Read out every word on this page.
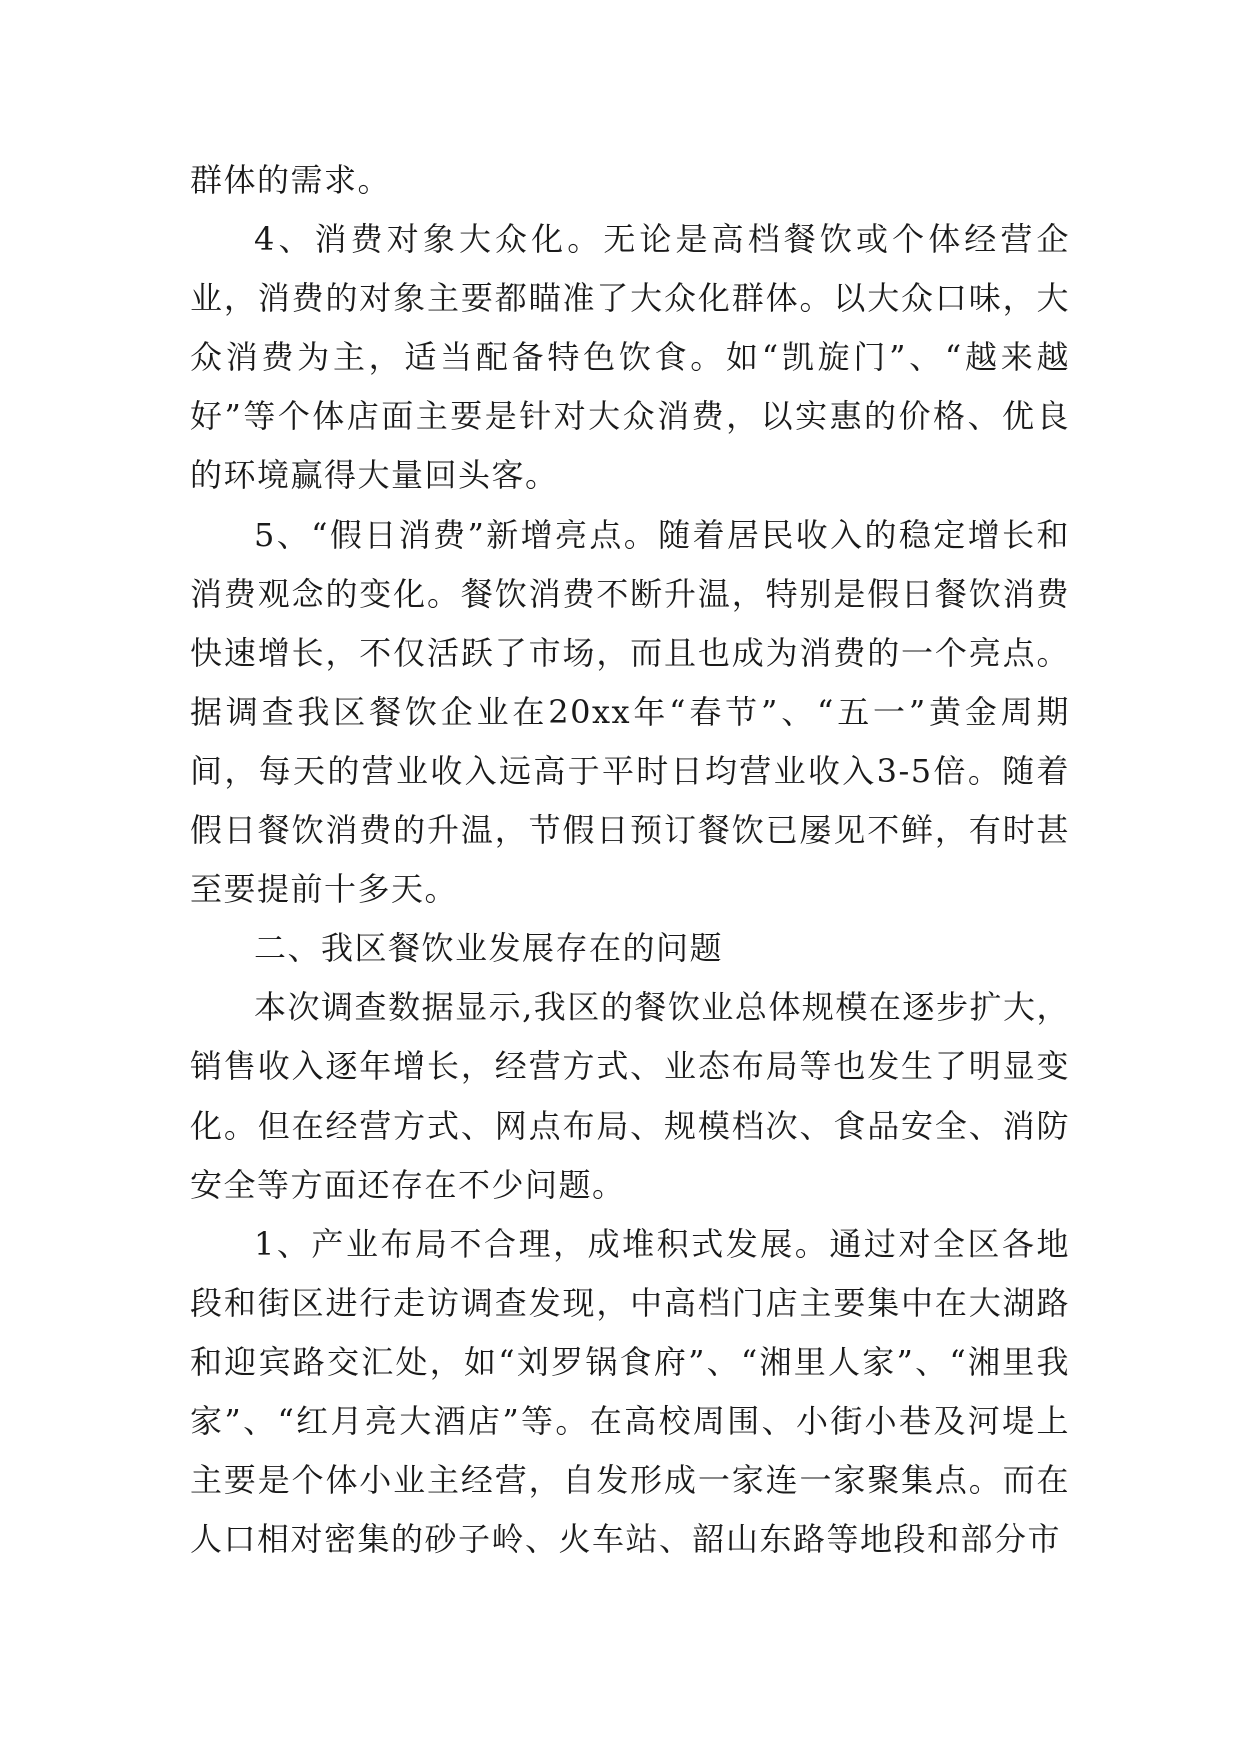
群体的需求。

4、消费对象大众化。无论是高档餐饮或个体经营企业，消费的对象主要都瞄准了大众化群体。以大众口味，大众消费为主，适当配备特色饮食。如“凯旋门”、“越来越好”等个体店面主要是针对大众消费，以实惠的价格、优良的环境赢得大量回头客。

5、“假日消费”新增亮点。随着居民收入的稳定增长和消费观念的变化。餐饮消费不断升温，特别是假日餐饮消费快速增长，不仅活跃了市场，而且也成为消费的一个亮点。据调查我区餐饮企业在20xx年“春节”、“五一”黄金周期间，每天的营业收入远高于平时日均营业收入3-5倍。随着假日餐饮消费的升温，节假日预订餐饮已屡见不鲜，有时甚至要提前十多天。

二、我区餐饮业发展存在的问题

本次调查数据显示,我区的餐饮业总体规模在逐步扩大，销售收入逐年增长，经营方式、业态布局等也发生了明显变化。但在经营方式、网点布局、规模档次、食品安全、消防安全等方面还存在不少问题。

1、产业布局不合理，成堆积式发展。通过对全区各地段和街区进行走访调查发现，中高档门店主要集中在大湖路和迎宾路交汇处，如“刘罗锅食府”、“湘里人家”、“湘里我家”、“红月亮大酒店”等。在高校周围、小街小巷及河堤上主要是个体小业主经营，自发形成一家连一家聚集点。而在人口相对密集的砂子岭、火车站、韶山东路等地段和部分市
